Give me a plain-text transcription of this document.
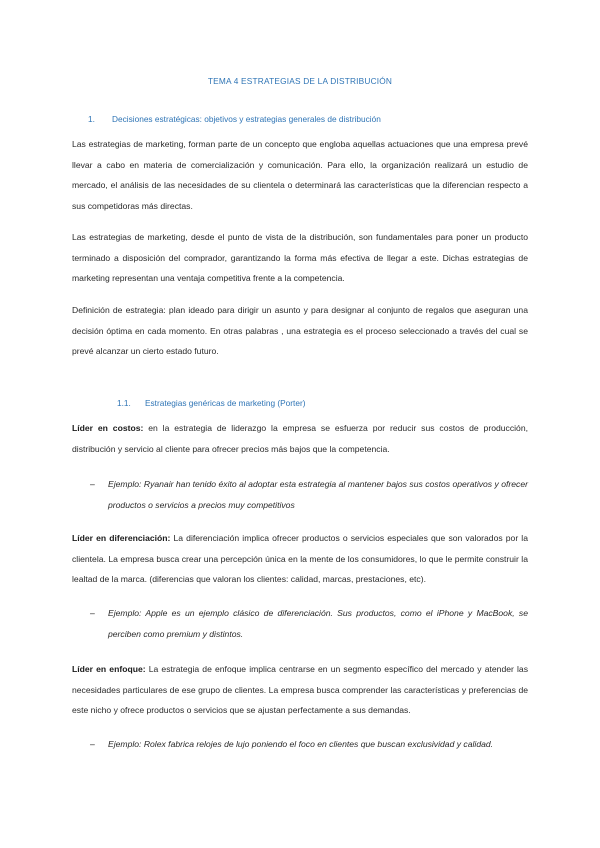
TEMA 4 ESTRATEGIAS DE LA DISTRIBUCIÓN
1. Decisiones estratégicas: objetivos y estrategias generales de distribución
Las estrategias de marketing, forman parte de un concepto que engloba aquellas actuaciones que una empresa prevé llevar a cabo en materia de comercialización y comunicación. Para ello, la organización realizará un estudio de mercado, el análisis de las necesidades de su clientela o determinará las características que la diferencian respecto a sus competidoras más directas.
Las estrategias de marketing, desde el punto de vista de la distribución, son fundamentales para poner un producto terminado a disposición del comprador, garantizando la forma más efectiva de llegar a este. Dichas estrategias de marketing representan una ventaja competitiva frente a la competencia.
Definición de estrategia: plan ideado para dirigir un asunto y para designar al conjunto de regalos que aseguran una decisión óptima en cada momento. En otras palabras , una estrategia es el proceso seleccionado a través del cual se prevé alcanzar un cierto estado futuro.
1.1. Estrategias genéricas de marketing (Porter)
Líder en costos: en la estrategia de liderazgo la empresa se esfuerza por reducir sus costos de producción, distribución y servicio al cliente para ofrecer precios más bajos que la competencia.
– Ejemplo: Ryanair han tenido éxito al adoptar esta estrategia al mantener bajos sus costos operativos y ofrecer productos o servicios a precios muy competitivos
Líder en diferenciación: La diferenciación implica ofrecer productos o servicios especiales que son valorados por la clientela. La empresa busca crear una percepción única en la mente de los consumidores, lo que le permite construir la lealtad de la marca. (diferencias que valoran los clientes: calidad, marcas, prestaciones, etc).
– Ejemplo: Apple es un ejemplo clásico de diferenciación. Sus productos, como el iPhone y MacBook, se perciben como premium y distintos.
Líder en enfoque: La estrategia de enfoque implica centrarse en un segmento específico del mercado y atender las necesidades particulares de ese grupo de clientes. La empresa busca comprender las características y preferencias de este nicho y ofrece productos o servicios que se ajustan perfectamente a sus demandas.
– Ejemplo: Rolex fabrica relojes de lujo poniendo el foco en clientes que buscan exclusividad y calidad.
